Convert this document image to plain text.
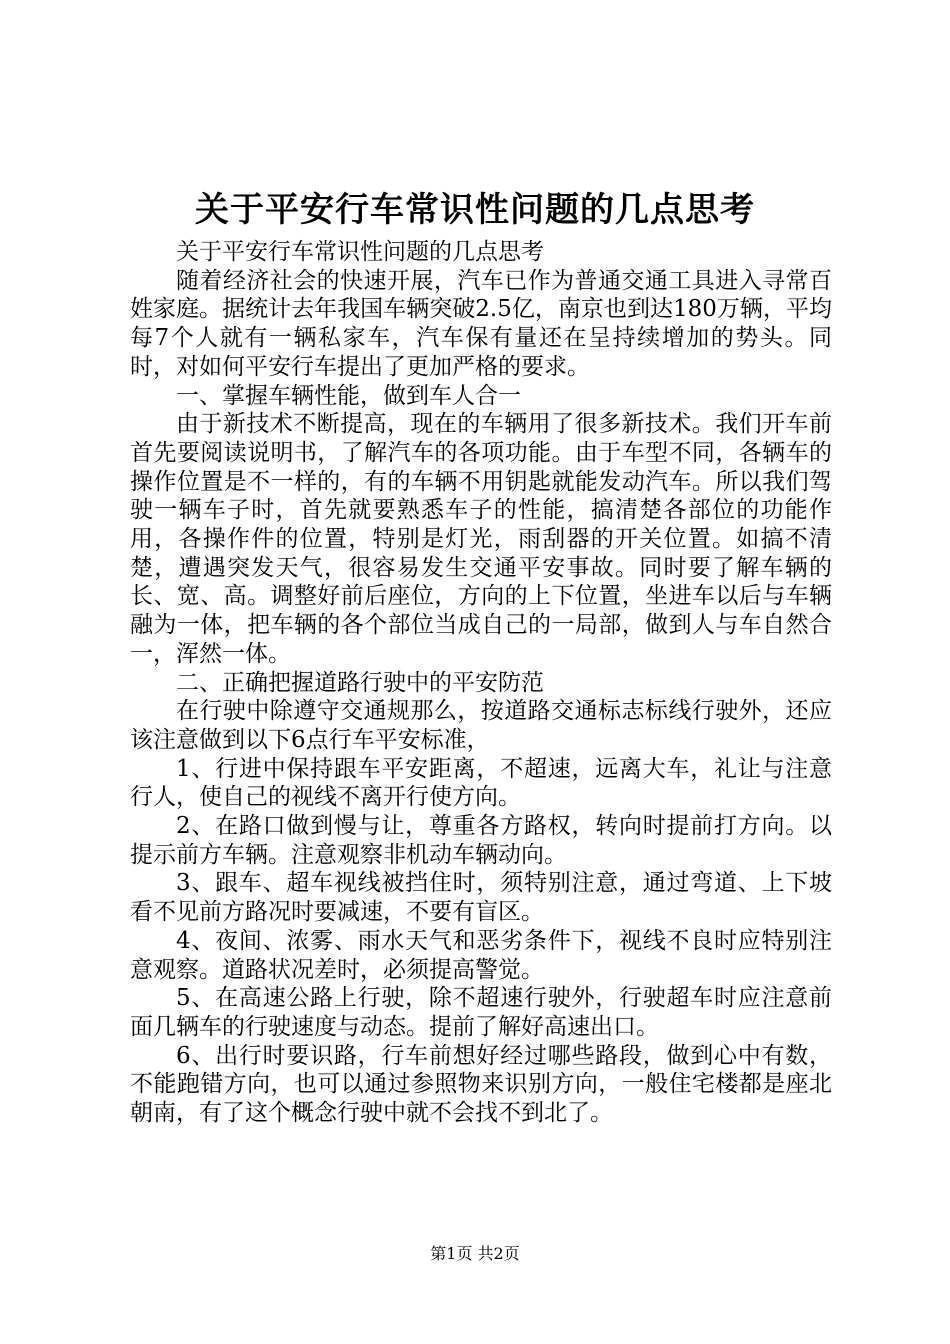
关于平安行车常识性问题的几点思考

关于平安行车常识性问题的几点思考

随着经济社会的快速开展，汽车已作为普通交通工具进入寻常百姓家庭。据统计去年我国车辆突破2.5亿，南京也到达180万辆，平均每7个人就有一辆私家车，汽车保有量还在呈持续增加的势头。同时，对如何平安行车提出了更加严格的要求。

一、掌握车辆性能，做到车人合一

由于新技术不断提高，现在的车辆用了很多新技术。我们开车前首先要阅读说明书，了解汽车的各项功能。由于车型不同，各辆车的操作位置是不一样的，有的车辆不用钥匙就能发动汽车。所以我们驾驶一辆车子时，首先就要熟悉车子的性能，搞清楚各部位的功能作用，各操作件的位置，特别是灯光，雨刮器的开关位置。如搞不清楚，遭遇突发天气，很容易发生交通平安事故。同时要了解车辆的长、宽、高。调整好前后座位，方向的上下位置，坐进车以后与车辆融为一体，把车辆的各个部位当成自己的一局部，做到人与车自然合一，浑然一体。

二、正确把握道路行驶中的平安防范

在行驶中除遵守交通规那么，按道路交通标志标线行驶外，还应该注意做到以下6点行车平安标准，

1、行进中保持跟车平安距离，不超速，远离大车，礼让与注意行人，使自己的视线不离开行使方向。

2、在路口做到慢与让，尊重各方路权，转向时提前打方向。以提示前方车辆。注意观察非机动车辆动向。

3、跟车、超车视线被挡住时，须特别注意，通过弯道、上下坡看不见前方路况时要减速，不要有盲区。

4、夜间、浓雾、雨水天气和恶劣条件下，视线不良时应特别注意观察。道路状况差时，必须提高警觉。

5、在高速公路上行驶，除不超速行驶外，行驶超车时应注意前面几辆车的行驶速度与动态。提前了解好高速出口。

6、出行时要识路，行车前想好经过哪些路段，做到心中有数，不能跑错方向，也可以通过参照物来识别方向，一般住宅楼都是座北朝南，有了这个概念行驶中就不会找不到北了。

第1页 共2页
